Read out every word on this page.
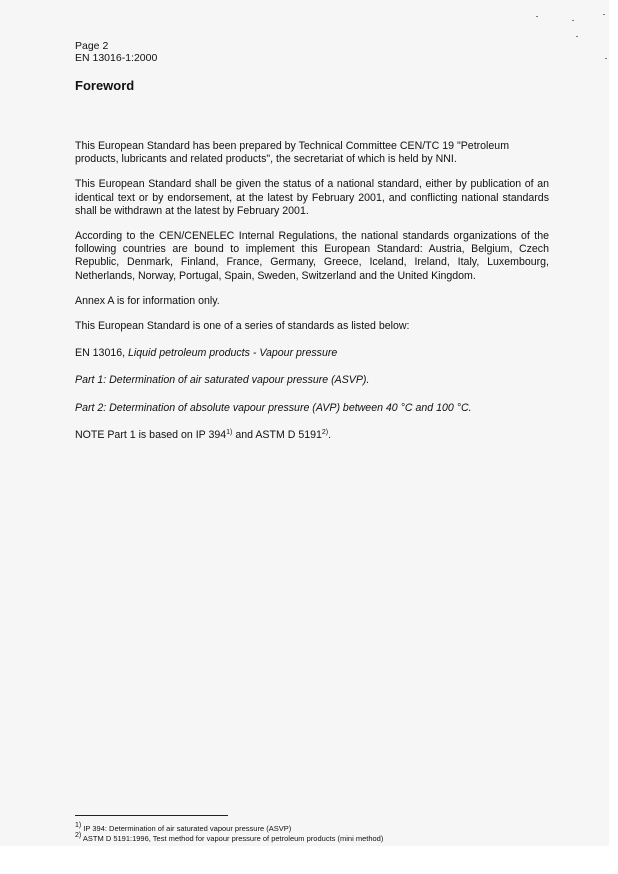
Page 2
EN 13016-1:2000
Foreword

This European Standard has been prepared by Technical Committee CEN/TC 19 "Petroleum products, lubricants and related products", the secretariat of which is held by NNI.

This European Standard shall be given the status of a national standard, either by publication of an identical text or by endorsement, at the latest by February 2001, and conflicting national standards shall be withdrawn at the latest by February 2001.

According to the CEN/CENELEC Internal Regulations, the national standards organizations of the following countries are bound to implement this European Standard: Austria, Belgium, Czech Republic, Denmark, Finland, France, Germany, Greece, Iceland, Ireland, Italy, Luxembourg, Netherlands, Norway, Portugal, Spain, Sweden, Switzerland and the United Kingdom.

Annex A is for information only.

This European Standard is one of a series of standards as listed below:

EN 13016, Liquid petroleum products - Vapour pressure
Part 1: Determination of air saturated vapour pressure (ASVP).
Part 2: Determination of absolute vapour pressure (AVP) between 40 °C and 100 °C.
NOTE Part 1 is based on IP 394$^{1)}$ and ASTM D 5191$^{2)}$.
$^{1)}$ IP 394: Determination of air saturated vapour pressure (ASVP)
$^{2)}$ ASTM D 5191:1996, Test method for vapour pressure of petroleum products (mini method)
